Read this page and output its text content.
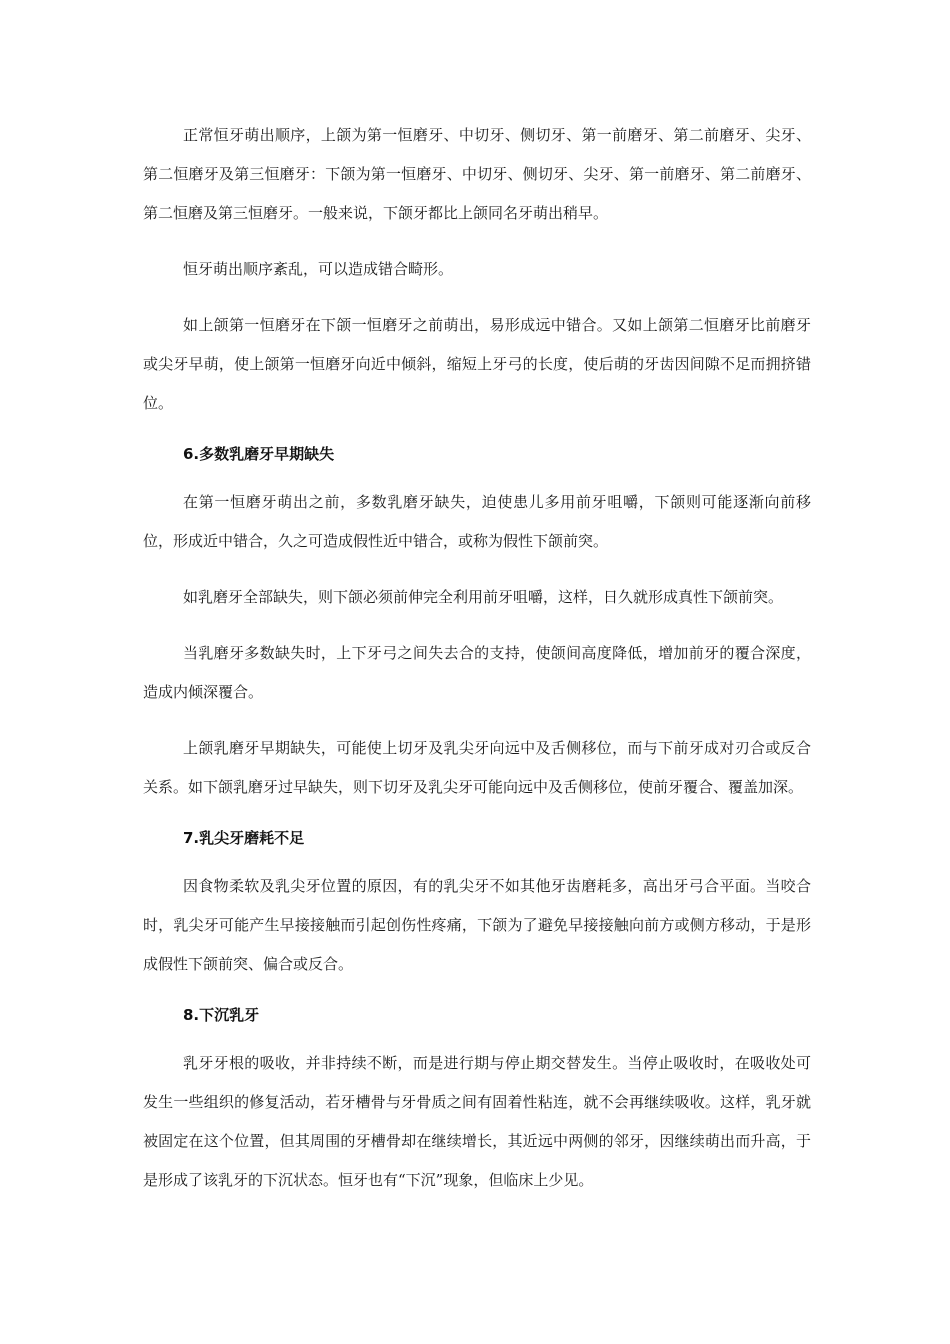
正常恒牙萌出顺序，上颌为第一恒磨牙、中切牙、侧切牙、第一前磨牙、第二前磨牙、尖牙、第二恒磨牙及第三恒磨牙：下颌为第一恒磨牙、中切牙、侧切牙、尖牙、第一前磨牙、第二前磨牙、第二恒磨及第三恒磨牙。一般来说，下颌牙都比上颌同名牙萌出稍早。

恒牙萌出顺序紊乱，可以造成错合畸形。

如上颌第一恒磨牙在下颌一恒磨牙之前萌出，易形成远中错合。又如上颌第二恒磨牙比前磨牙或尖牙早萌，使上颌第一恒磨牙向近中倾斜，缩短上牙弓的长度，使后萌的牙齿因间隙不足而拥挤错位。

6.多数乳磨牙早期缺失

在第一恒磨牙萌出之前，多数乳磨牙缺失，迫使患儿多用前牙咀嚼，下颌则可能逐渐向前移位，形成近中错合，久之可造成假性近中错合，或称为假性下颌前突。

如乳磨牙全部缺失，则下颌必须前伸完全利用前牙咀嚼，这样，日久就形成真性下颌前突。

当乳磨牙多数缺失时，上下牙弓之间失去合的支持，使颌间高度降低，增加前牙的覆合深度，造成内倾深覆合。

上颌乳磨牙早期缺失，可能使上切牙及乳尖牙向远中及舌侧移位，而与下前牙成对刃合或反合关系。如下颌乳磨牙过早缺失，则下切牙及乳尖牙可能向远中及舌侧移位，使前牙覆合、覆盖加深。

7.乳尖牙磨耗不足

因食物柔软及乳尖牙位置的原因，有的乳尖牙不如其他牙齿磨耗多，高出牙弓合平面。当咬合时，乳尖牙可能产生早接接触而引起创伤性疼痛，下颌为了避免早接接触向前方或侧方移动，于是形成假性下颌前突、偏合或反合。

8.下沉乳牙

乳牙牙根的吸收，并非持续不断，而是进行期与停止期交替发生。当停止吸收时，在吸收处可发生一些组织的修复活动，若牙槽骨与牙骨质之间有固着性粘连，就不会再继续吸收。这样，乳牙就被固定在这个位置，但其周围的牙槽骨却在继续增长，其近远中两侧的邻牙，因继续萌出而升高，于是形成了该乳牙的下沉状态。恒牙也有“下沉”现象，但临床上少见。
